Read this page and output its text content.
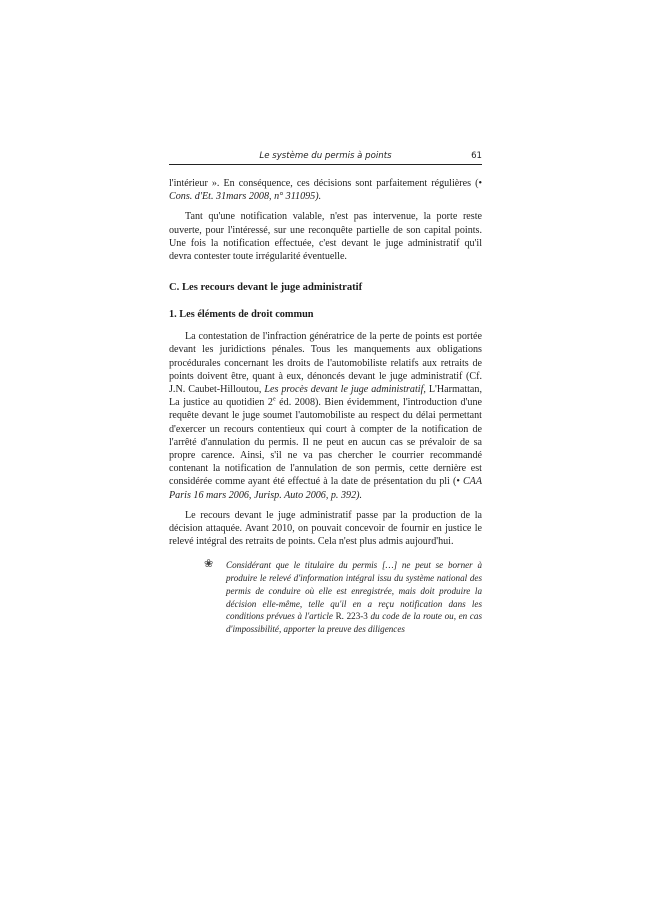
Le système du permis à points	61

l'intérieur ». En conséquence, ces décisions sont parfaitement régulières (• Cons. d'Et. 31mars 2008, n° 311095).

Tant qu'une notification valable, n'est pas intervenue, la porte reste ouverte, pour l'intéressé, sur une reconquête partielle de son capital points. Une fois la notification effectuée, c'est devant le juge administratif qu'il devra contester toute irrégularité éventuelle.

C. Les recours devant le juge administratif
1. Les éléments de droit commun

La contestation de l'infraction génératrice de la perte de points est portée devant les juridictions pénales. Tous les manquements aux obligations procédurales concernant les droits de l'automobiliste relatifs aux retraits de points doivent être, quant à eux, dénoncés devant le juge administratif (Cf. J.N. Caubet-Hilloutou, Les procès devant le juge administratif, L'Harmattan, La justice au quotidien 2e éd. 2008). Bien évidemment, l'introduction d'une requête devant le juge soumet l'automobiliste au respect du délai permettant d'exercer un recours contentieux qui court à compter de la notification de l'arrêté d'annulation du permis. Il ne peut en aucun cas se prévaloir de sa propre carence. Ainsi, s'il ne va pas chercher le courrier recommandé contenant la notification de l'annulation de son permis, cette dernière est considérée comme ayant été effectué à la date de présentation du pli (• CAA Paris 16 mars 2006, Jurisp. Auto 2006, p. 392).

Le recours devant le juge administratif passe par la production de la décision attaquée. Avant 2010, on pouvait concevoir de fournir en justice le relevé intégral des retraits de points. Cela n'est plus admis aujourd'hui.

❀ Considérant que le titulaire du permis […] ne peut se borner à produire le relevé d'information intégral issu du système national des permis de conduire où elle est enregistrée, mais doit produire la décision elle-même, telle qu'il en a reçu notification dans les conditions prévues à l'article R. 223-3 du code de la route ou, en cas d'impossibilité, apporter la preuve des diligences
